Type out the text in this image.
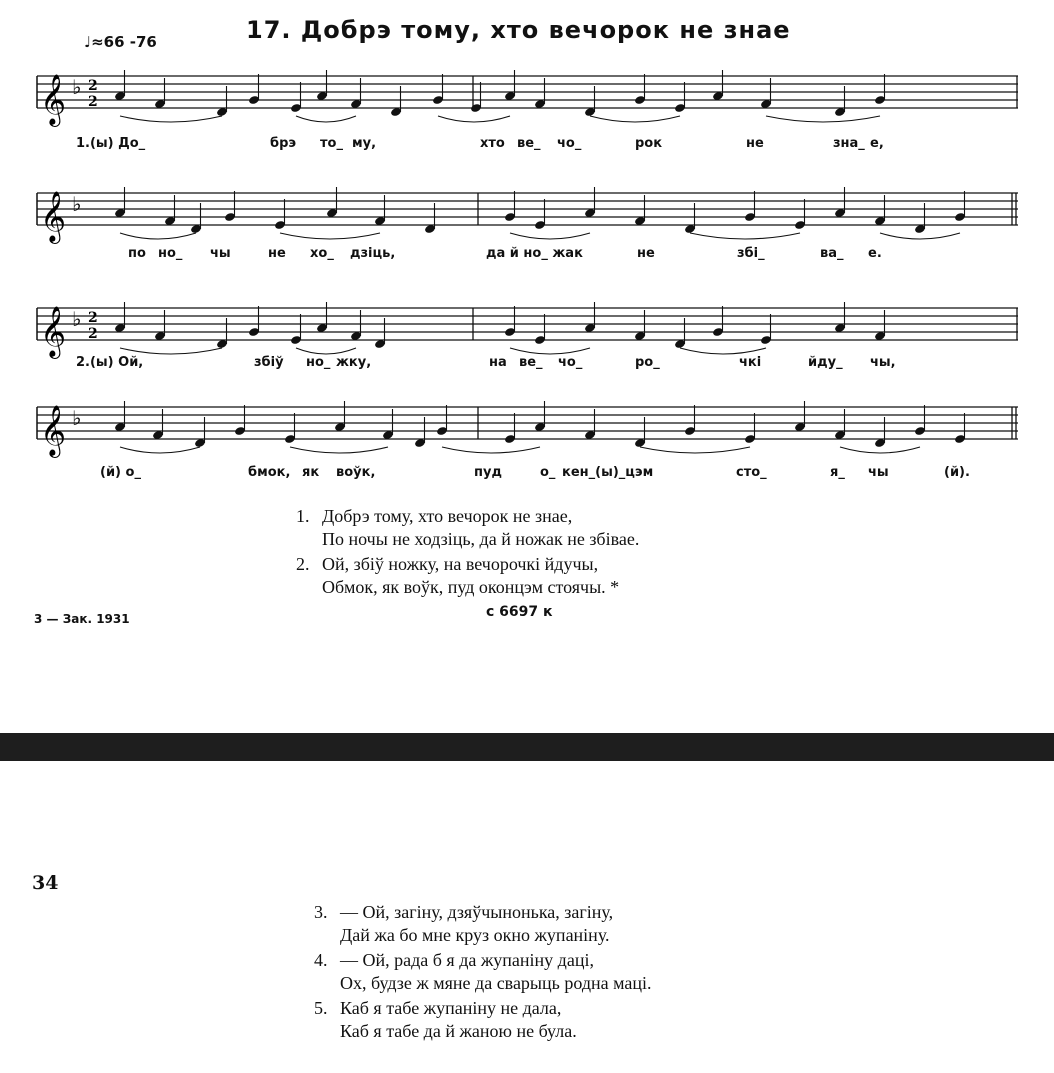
17. Добрэ тому, хто вечорок не знае
♩≈66 -76
𝄞 ♭ 2
2
𝄞 ♭
𝄞 ♭ 2
2
𝄞 ♭
1.(ы) До_	брэ то_ му,	хто ве_ чо_	рок	не	зна_ е,
по но_ чы	не хо_ дзіць,	да й но_ жак	не	збі_	ва_ е.
2.(ы) Ой,	збіў но_ жку,	на ве_ чо_	ро_	чкі	йду_ чы,
(й) о_	бмок, як воўк,	пуд	о_ кен_(ы)_цэм	сто_	я_ чы	(й).
1. Добрэ тому, хто вечорок не знае,
По ночы не ходзіць, да й ножак не збівае.
2. Ой, збіў ножку, на вечорочкі йдучы,
Обмок, як воўк, пуд оконцэм стоячы. *
3 — Зак. 1931	с 6697 к
34
3. — Ой, загіну, дзяўчынонька, загіну,
Дай жа бо мне круз окно жупаніну.
4. — Ой, рада б я да жупаніну даці,
Ох, будзе ж мяне да сварыць родна маці.
5. Каб я табе жупаніну не дала,
Каб я табе да й жаною не була.
